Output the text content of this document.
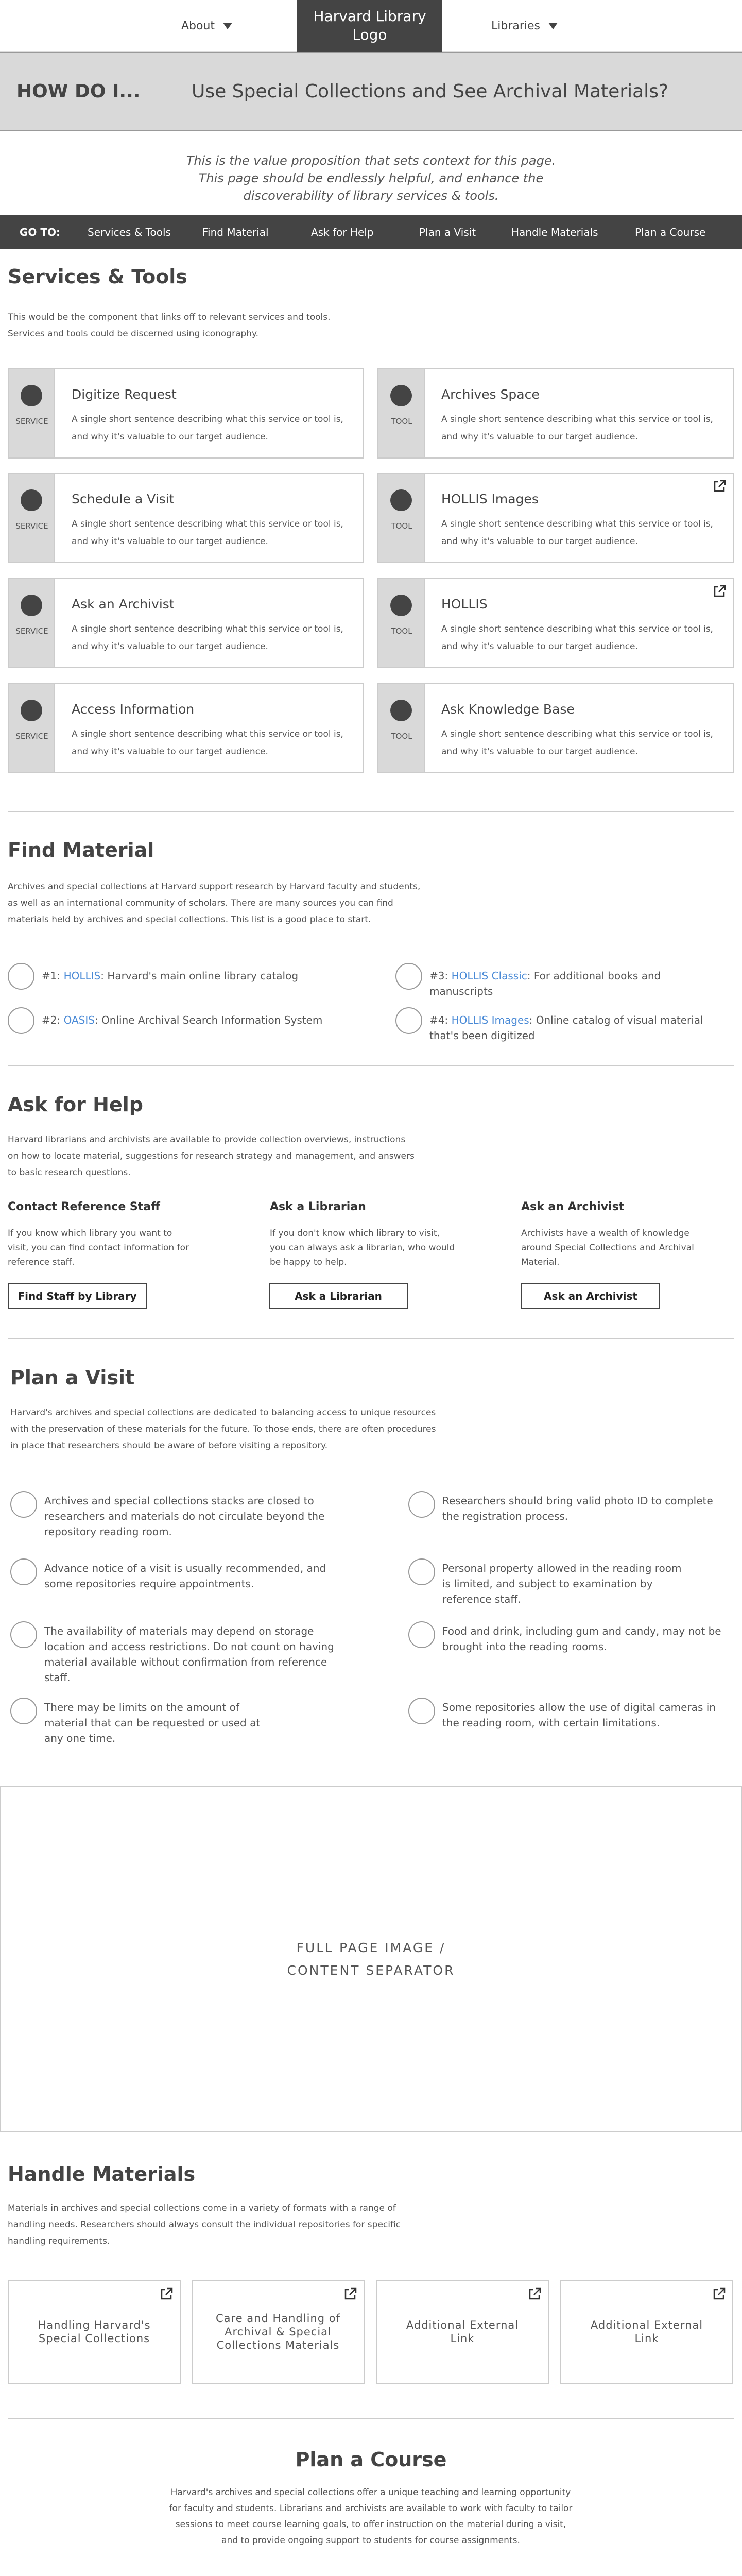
About
Harvard Library Logo
Libraries
HOW DO I...	Use Special Collections and See Archival Materials?
This is the value proposition that sets context for this page. This page should be endlessly helpful, and enhance the discoverability of library services & tools.
GO TO:	Services & Tools	Find Material	Ask for Help	Plan a Visit	Handle Materials	Plan a Course
Services & Tools
This would be the component that links off to relevant services and tools.
Services and tools could be discerned using iconography.
SERVICE
Digitize Request
A single short sentence describing what this service or tool is, and why it's valuable to our target audience.
TOOL
Archives Space
A single short sentence describing what this service or tool is, and why it's valuable to our target audience.
SERVICE
Schedule a Visit
A single short sentence describing what this service or tool is, and why it's valuable to our target audience.
TOOL
HOLLIS Images
A single short sentence describing what this service or tool is, and why it's valuable to our target audience.
SERVICE
Ask an Archivist
A single short sentence describing what this service or tool is, and why it's valuable to our target audience.
TOOL
HOLLIS
A single short sentence describing what this service or tool is, and why it's valuable to our target audience.
SERVICE
Access Information
A single short sentence describing what this service or tool is, and why it's valuable to our target audience.
TOOL
Ask Knowledge Base
A single short sentence describing what this service or tool is, and why it's valuable to our target audience.
Find Material
Archives and special collections at Harvard support research by Harvard faculty and students, as well as an international community of scholars. There are many sources you can find materials held by archives and special collections. This list is a good place to start.
#1: HOLLIS: Harvard's main online library catalog	#3: HOLLIS Classic: For additional books and manuscripts
#2: OASIS: Online Archival Search Information System	#4: HOLLIS Images: Online catalog of visual material that's been digitized
Ask for Help
Harvard librarians and archivists are available to provide collection overviews, instructions on how to locate material, suggestions for research strategy and management, and answers to basic research questions.
Contact Reference Staff
If you know which library you want to visit, you can find contact information for reference staff.
Find Staff by Library
Ask a Librarian
If you don't know which library to visit, you can always ask a librarian, who would be happy to help.
Ask a Librarian
Ask an Archivist
Archivists have a wealth of knowledge around Special Collections and Archival Material.
Ask an Archivist
Plan a Visit
Harvard's archives and special collections are dedicated to balancing access to unique resources with the preservation of these materials for the future. To those ends, there are often procedures in place that researchers should be aware of before visiting a repository.
Archives and special collections stacks are closed to researchers and materials do not circulate beyond the repository reading room.
Researchers should bring valid photo ID to complete the registration process.
Advance notice of a visit is usually recommended, and some repositories require appointments.
Personal property allowed in the reading room is limited, and subject to examination by reference staff.
The availability of materials may depend on storage location and access restrictions. Do not count on having material available without confirmation from reference staff.
Food and drink, including gum and candy, may not be brought into the reading rooms.
There may be limits on the amount of material that can be requested or used at any one time.
Some repositories allow the use of digital cameras in the reading room, with certain limitations.
FULL PAGE IMAGE /
CONTENT SEPARATOR
Handle Materials
Materials in archives and special collections come in a variety of formats with a range of handling needs. Researchers should always consult the individual repositories for specific handling requirements.
Handling Harvard's Special Collections
Care and Handling of Archival & Special Collections Materials
Additional External Link
Additional External Link
Plan a Course
Harvard's archives and special collections offer a unique teaching and learning opportunity for faculty and students. Librarians and archivists are available to work with faculty to tailor sessions to meet course learning goals, to offer instruction on the material during a visit, and to provide ongoing support to students for course assignments.
